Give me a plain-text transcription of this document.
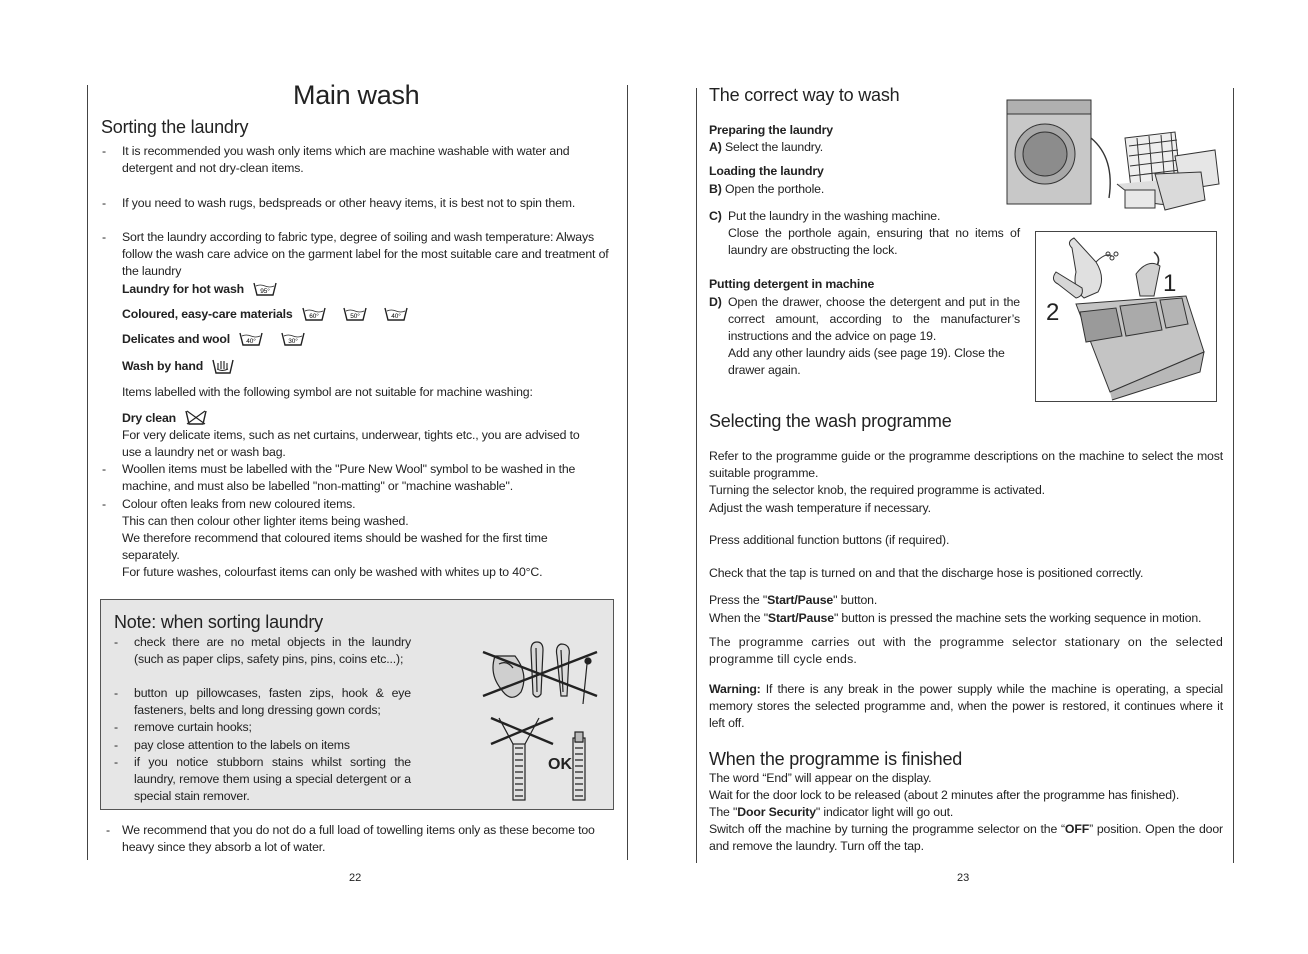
Main wash
Sorting the laundry
- It is recommended you wash only items which are machine washable with water and detergent and not dry-clean items.
- If you need to wash rugs, bedspreads or other heavy items, it is best not to spin them.
- Sort the laundry according to fabric type, degree of soiling and wash temperature: Always follow the wash care advice on the garment label for the most suitable care and treatment of the laundry
Laundry for hot wash	95°
Coloured, easy-care materials	60°
	50°
	40°
Delicates and wool	40°
	30°
Wash by hand
Items labelled with the following symbol are not suitable for machine washing:
Dry clean
For very delicate items, such as net curtains, underwear, tights etc., you are advised to use a laundry net or wash bag.
- Woollen items must be labelled with the "Pure New Wool" symbol to be washed in the machine, and must also be labelled "non-matting" or "machine washable".
- Colour often leaks from new coloured items.
This can then colour other lighter items being washed.
We therefore recommend that coloured items should be washed for the first time separately.
For future washes, colourfast items can only be washed with whites up to 40°C.
Note: when sorting laundry
- check there are no metal objects in the laundry (such as paper clips, safety pins, pins, coins etc...);
- button up pillowcases, fasten zips, hook & eye fasteners, belts and long dressing gown cords;
- remove curtain hooks;
- pay close attention to the labels on items
- if you notice stubborn stains whilst sorting the laundry, remove them using a special detergent or a special stain remover.
OK
- We recommend that you do not do a full load of towelling items only as these become too heavy since they absorb a lot of water.
22
The correct way to wash
Preparing the laundry
A) Select the laundry.
Loading the laundry
B) Open the porthole.
C) Put the laundry in the washing machine.
Close the porthole again, ensuring that no items of laundry are obstructing the lock.
Putting detergent in machine
D) Open the drawer, choose the detergent and put in the correct amount, according to the manufacturer’s instructions and the advice on page 19.
Add any other laundry aids (see page 19). Close the drawer again.
1
2
Selecting the wash programme
Refer to the programme guide or the programme descriptions on the machine to select the most suitable programme.
Turning the selector knob, the required programme is activated.
Adjust the wash temperature if necessary.
Press additional function buttons (if required).
Check that the tap is turned on and that the discharge hose is positioned correctly.
Press the "Start/Pause" button.
When the "Start/Pause" button is pressed the machine sets the working sequence in motion.
The programme carries out with the programme selector stationary on the selected programme till cycle ends.
Warning: If there is any break in the power supply while the machine is operating, a special memory stores the selected programme and, when the power is restored, it continues where it left off.
When the programme is finished
The word “End” will appear on the display.
Wait for the door lock to be released (about 2 minutes after the programme has finished).
The "Door Security" indicator light will go out.
Switch off the machine by turning the programme selector on the “OFF” position. Open the door and remove the laundry. Turn off the tap.
23
